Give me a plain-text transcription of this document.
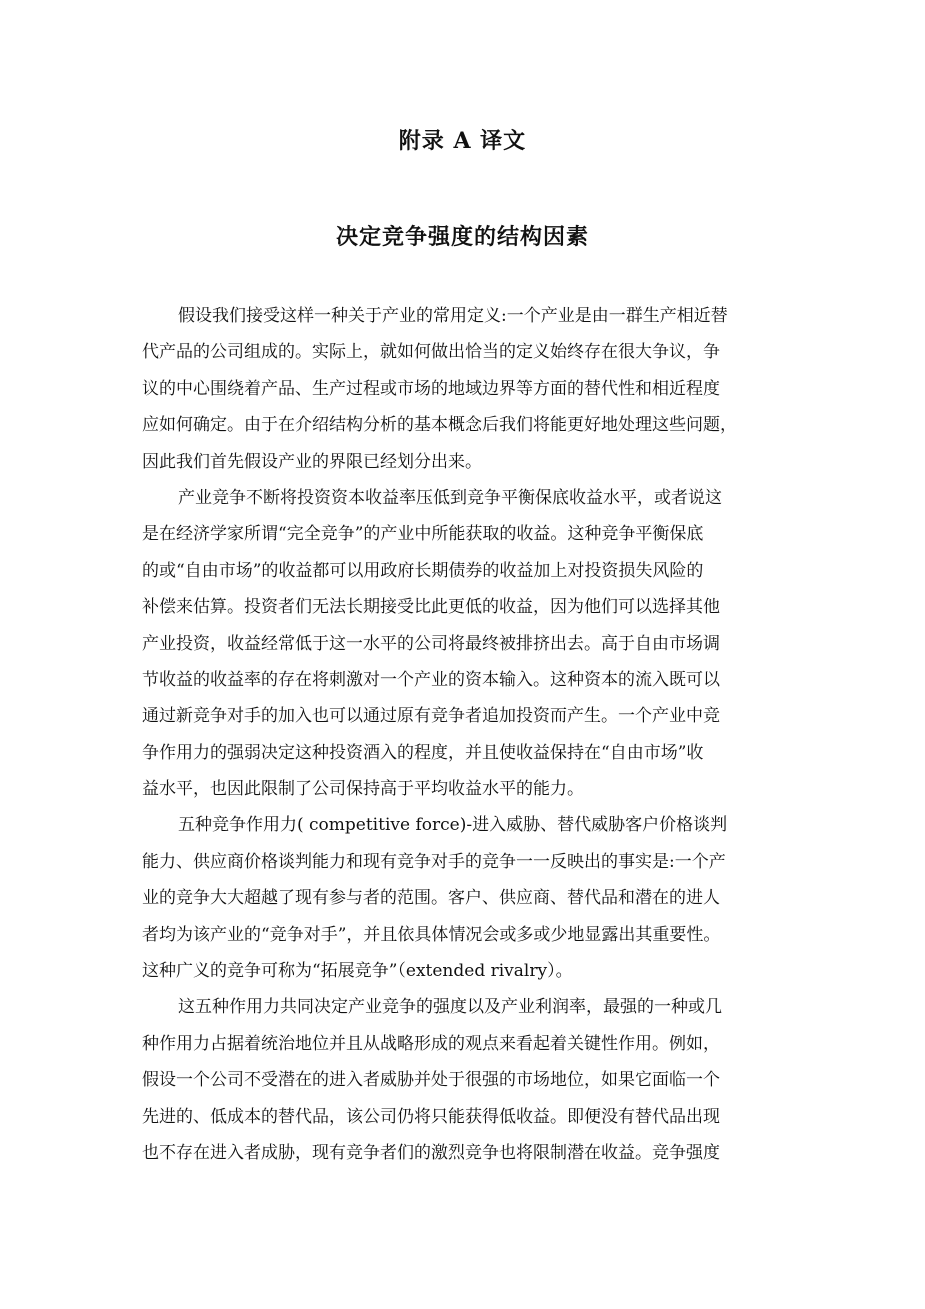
附录 A 译文
决定竞争强度的结构因素
假设我们接受这样一种关于产业的常用定义:一个产业是由一群生产相近替
代产品的公司组成的。实际上，就如何做出恰当的定义始终存在很大争议，争
议的中心围绕着产品、生产过程或市场的地域边界等方面的替代性和相近程度
应如何确定。由于在介绍结构分析的基本概念后我们将能更好地处理这些问题，
因此我们首先假设产业的界限已经划分出来。
产业竞争不断将投资资本收益率压低到竞争平衡保底收益水平，或者说这
是在经济学家所谓“完全竞争”的产业中所能获取的收益。这种竞争平衡保底
的或“自由市场”的收益都可以用政府长期债券的收益加上对投资损失风险的
补偿来估算。投资者们无法长期接受比此更低的收益，因为他们可以选择其他
产业投资，收益经常低于这一水平的公司将最终被排挤出去。高于自由市场调
节收益的收益率的存在将刺激对一个产业的资本输入。这种资本的流入既可以
通过新竞争对手的加入也可以通过原有竞争者追加投资而产生。一个产业中竞
争作用力的强弱决定这种投资酒入的程度，并且使收益保持在“自由市场”收
益水平，也因此限制了公司保持高于平均收益水平的能力。
五种竞争作用力( competitive force)-进入威胁、替代威胁客户价格谈判
能力、供应商价格谈判能力和现有竞争对手的竞争一一反映出的事实是:一个产
业的竞争大大超越了现有参与者的范围。客户、供应商、替代品和潜在的进人
者均为该产业的“竞争对手”，并且依具体情况会或多或少地显露出其重要性。
这种广义的竞争可称为“拓展竞争”（extended rivalry）。
这五种作用力共同决定产业竞争的强度以及产业利润率，最强的一种或几
种作用力占据着统治地位并且从战略形成的观点来看起着关键性作用。例如，
假设一个公司不受潜在的进入者威胁并处于很强的市场地位，如果它面临一个
先进的、低成本的替代品，该公司仍将只能获得低收益。即便没有替代品出现
也不存在进入者成胁，现有竞争者们的激烈竞争也将限制潜在收益。竞争强度
